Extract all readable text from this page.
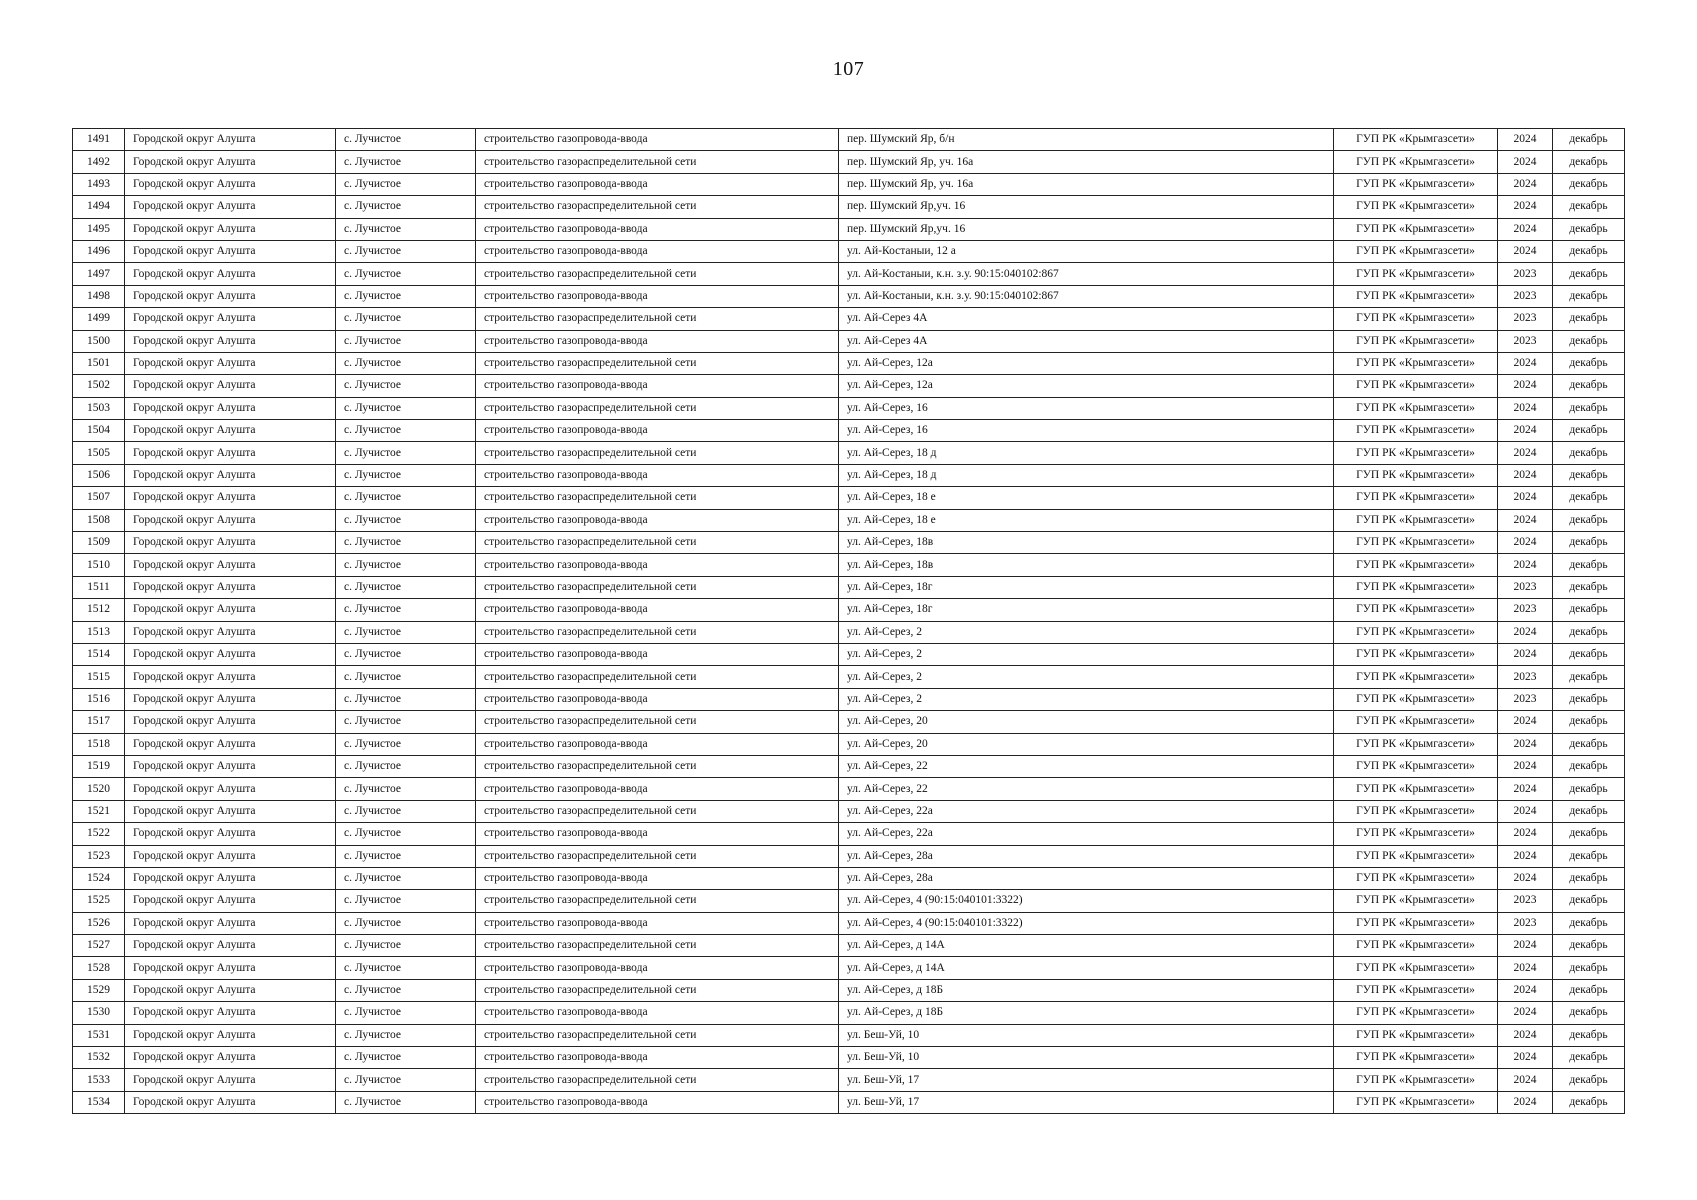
107
1491	Городской округ Алушта	с. Лучистое	строительство газопровода-ввода	пер. Шумский Яр, б/н	ГУП РК «Крымгазсети»	2024	декабрь
1492	Городской округ Алушта	с. Лучистое	строительство газораспределительной сети	пер. Шумский Яр, уч. 16а	ГУП РК «Крымгазсети»	2024	декабрь
1493	Городской округ Алушта	с. Лучистое	строительство газопровода-ввода	пер. Шумский Яр, уч. 16а	ГУП РК «Крымгазсети»	2024	декабрь
1494	Городской округ Алушта	с. Лучистое	строительство газораспределительной сети	пер. Шумский Яр,уч. 16	ГУП РК «Крымгазсети»	2024	декабрь
1495	Городской округ Алушта	с. Лучистое	строительство газопровода-ввода	пер. Шумский Яр,уч. 16	ГУП РК «Крымгазсети»	2024	декабрь
1496	Городской округ Алушта	с. Лучистое	строительство газопровода-ввода	ул. Ай-Костаныи, 12 а	ГУП РК «Крымгазсети»	2024	декабрь
1497	Городской округ Алушта	с. Лучистое	строительство газораспределительной сети	ул. Ай-Костаныи, к.н. з.у. 90:15:040102:867	ГУП РК «Крымгазсети»	2023	декабрь
1498	Городской округ Алушта	с. Лучистое	строительство газопровода-ввода	ул. Ай-Костаныи, к.н. з.у. 90:15:040102:867	ГУП РК «Крымгазсети»	2023	декабрь
1499	Городской округ Алушта	с. Лучистое	строительство газораспределительной сети	ул. Ай-Серез 4А	ГУП РК «Крымгазсети»	2023	декабрь
1500	Городской округ Алушта	с. Лучистое	строительство газопровода-ввода	ул. Ай-Серез 4А	ГУП РК «Крымгазсети»	2023	декабрь
1501	Городской округ Алушта	с. Лучистое	строительство газораспределительной сети	ул. Ай-Серез, 12а	ГУП РК «Крымгазсети»	2024	декабрь
1502	Городской округ Алушта	с. Лучистое	строительство газопровода-ввода	ул. Ай-Серез, 12а	ГУП РК «Крымгазсети»	2024	декабрь
1503	Городской округ Алушта	с. Лучистое	строительство газораспределительной сети	ул. Ай-Серез, 16	ГУП РК «Крымгазсети»	2024	декабрь
1504	Городской округ Алушта	с. Лучистое	строительство газопровода-ввода	ул. Ай-Серез, 16	ГУП РК «Крымгазсети»	2024	декабрь
1505	Городской округ Алушта	с. Лучистое	строительство газораспределительной сети	ул. Ай-Серез, 18 д	ГУП РК «Крымгазсети»	2024	декабрь
1506	Городской округ Алушта	с. Лучистое	строительство газопровода-ввода	ул. Ай-Серез, 18 д	ГУП РК «Крымгазсети»	2024	декабрь
1507	Городской округ Алушта	с. Лучистое	строительство газораспределительной сети	ул. Ай-Серез, 18 е	ГУП РК «Крымгазсети»	2024	декабрь
1508	Городской округ Алушта	с. Лучистое	строительство газопровода-ввода	ул. Ай-Серез, 18 е	ГУП РК «Крымгазсети»	2024	декабрь
1509	Городской округ Алушта	с. Лучистое	строительство газораспределительной сети	ул. Ай-Серез, 18в	ГУП РК «Крымгазсети»	2024	декабрь
1510	Городской округ Алушта	с. Лучистое	строительство газопровода-ввода	ул. Ай-Серез, 18в	ГУП РК «Крымгазсети»	2024	декабрь
1511	Городской округ Алушта	с. Лучистое	строительство газораспределительной сети	ул. Ай-Серез, 18г	ГУП РК «Крымгазсети»	2023	декабрь
1512	Городской округ Алушта	с. Лучистое	строительство газопровода-ввода	ул. Ай-Серез, 18г	ГУП РК «Крымгазсети»	2023	декабрь
1513	Городской округ Алушта	с. Лучистое	строительство газораспределительной сети	ул. Ай-Серез, 2	ГУП РК «Крымгазсети»	2024	декабрь
1514	Городской округ Алушта	с. Лучистое	строительство газопровода-ввода	ул. Ай-Серез, 2	ГУП РК «Крымгазсети»	2024	декабрь
1515	Городской округ Алушта	с. Лучистое	строительство газораспределительной сети	ул. Ай-Серез, 2	ГУП РК «Крымгазсети»	2023	декабрь
1516	Городской округ Алушта	с. Лучистое	строительство газопровода-ввода	ул. Ай-Серез, 2	ГУП РК «Крымгазсети»	2023	декабрь
1517	Городской округ Алушта	с. Лучистое	строительство газораспределительной сети	ул. Ай-Серез, 20	ГУП РК «Крымгазсети»	2024	декабрь
1518	Городской округ Алушта	с. Лучистое	строительство газопровода-ввода	ул. Ай-Серез, 20	ГУП РК «Крымгазсети»	2024	декабрь
1519	Городской округ Алушта	с. Лучистое	строительство газораспределительной сети	ул. Ай-Серез, 22	ГУП РК «Крымгазсети»	2024	декабрь
1520	Городской округ Алушта	с. Лучистое	строительство газопровода-ввода	ул. Ай-Серез, 22	ГУП РК «Крымгазсети»	2024	декабрь
1521	Городской округ Алушта	с. Лучистое	строительство газораспределительной сети	ул. Ай-Серез, 22а	ГУП РК «Крымгазсети»	2024	декабрь
1522	Городской округ Алушта	с. Лучистое	строительство газопровода-ввода	ул. Ай-Серез, 22а	ГУП РК «Крымгазсети»	2024	декабрь
1523	Городской округ Алушта	с. Лучистое	строительство газораспределительной сети	ул. Ай-Серез, 28а	ГУП РК «Крымгазсети»	2024	декабрь
1524	Городской округ Алушта	с. Лучистое	строительство газопровода-ввода	ул. Ай-Серез, 28а	ГУП РК «Крымгазсети»	2024	декабрь
1525	Городской округ Алушта	с. Лучистое	строительство газораспределительной сети	ул. Ай-Серез, 4 (90:15:040101:3322)	ГУП РК «Крымгазсети»	2023	декабрь
1526	Городской округ Алушта	с. Лучистое	строительство газопровода-ввода	ул. Ай-Серез, 4 (90:15:040101:3322)	ГУП РК «Крымгазсети»	2023	декабрь
1527	Городской округ Алушта	с. Лучистое	строительство газораспределительной сети	ул. Ай-Серез, д 14А	ГУП РК «Крымгазсети»	2024	декабрь
1528	Городской округ Алушта	с. Лучистое	строительство газопровода-ввода	ул. Ай-Серез, д 14А	ГУП РК «Крымгазсети»	2024	декабрь
1529	Городской округ Алушта	с. Лучистое	строительство газораспределительной сети	ул. Ай-Серез, д 18Б	ГУП РК «Крымгазсети»	2024	декабрь
1530	Городской округ Алушта	с. Лучистое	строительство газопровода-ввода	ул. Ай-Серез, д 18Б	ГУП РК «Крымгазсети»	2024	декабрь
1531	Городской округ Алушта	с. Лучистое	строительство газораспределительной сети	ул. Беш-Уй, 10	ГУП РК «Крымгазсети»	2024	декабрь
1532	Городской округ Алушта	с. Лучистое	строительство газопровода-ввода	ул. Беш-Уй, 10	ГУП РК «Крымгазсети»	2024	декабрь
1533	Городской округ Алушта	с. Лучистое	строительство газораспределительной сети	ул. Беш-Уй, 17	ГУП РК «Крымгазсети»	2024	декабрь
1534	Городской округ Алушта	с. Лучистое	строительство газопровода-ввода	ул. Беш-Уй, 17	ГУП РК «Крымгазсети»	2024	декабрь
